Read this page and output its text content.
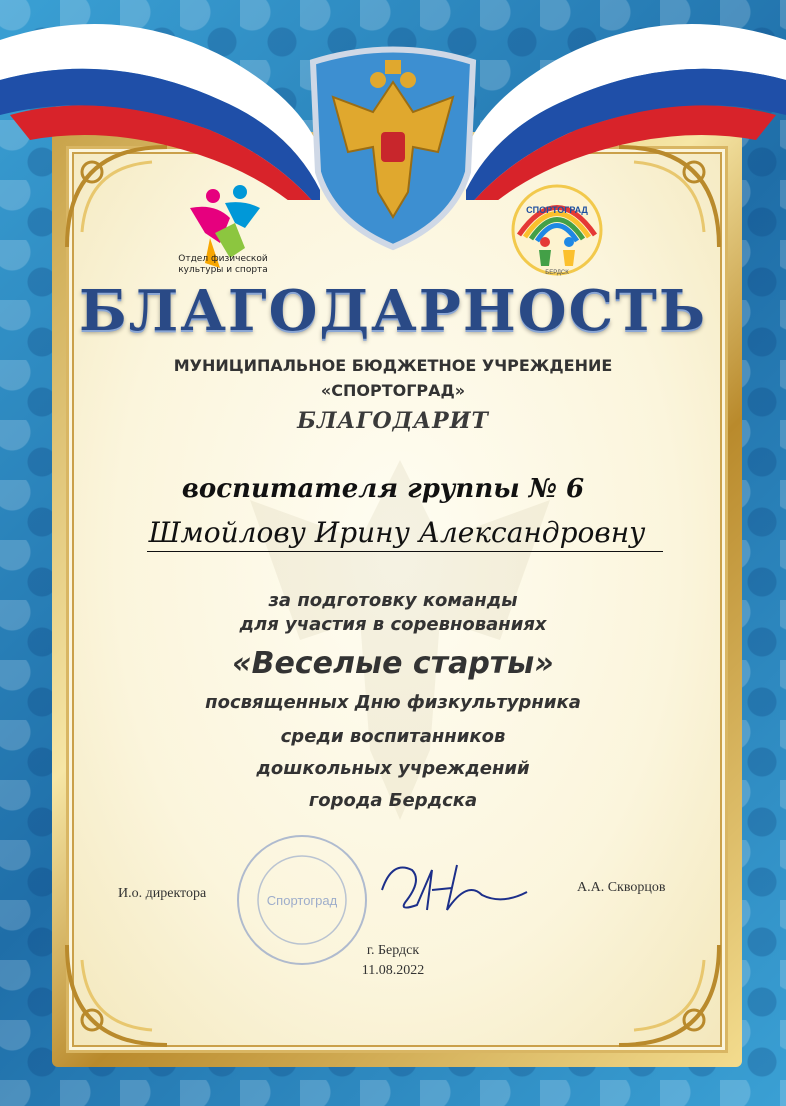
Отдел физической
культуры и спорта
СПОРТОГРАД
БЕРДСК
БЛАГОДАРНОСТЬ
МУНИЦИПАЛЬНОЕ БЮДЖЕТНОЕ УЧРЕЖДЕНИЕ
«СПОРТОГРАД»
БЛАГОДАРИТ
воспитателя группы № 6
Шмойлову Ирину Александровну
за подготовку команды
для участия в соревнованиях
«Веселые старты»
посвященных Дню физкультурника
среди воспитанников
дошкольных учреждений
города Бердска
Спортоград
И.о. директора	А.А. Скворцов
г. Бердск
11.08.2022
